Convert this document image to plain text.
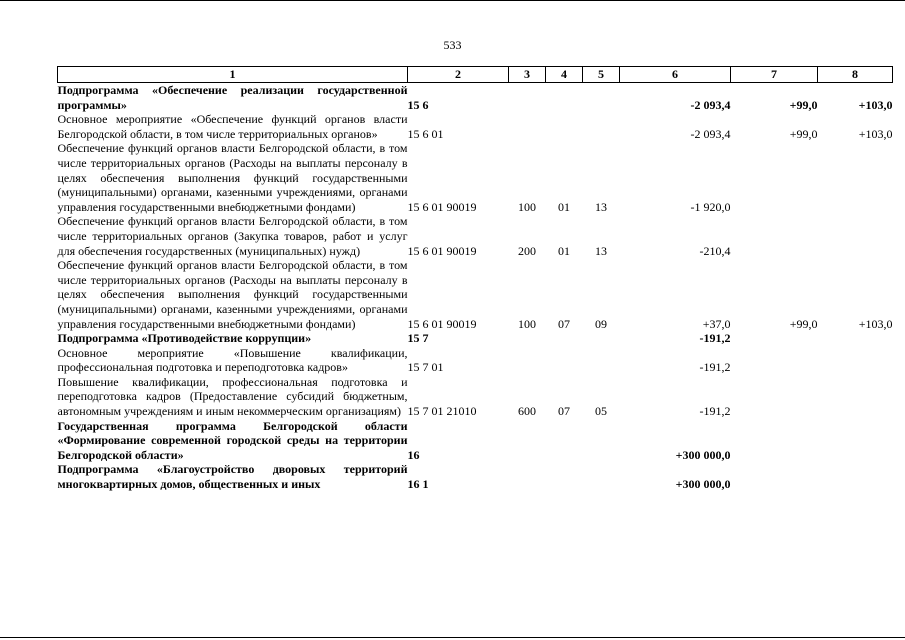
533
1	2	3	4	5	6	7	8
Подпрограмма «Обеспечение реализации государственной программы»	15 6				-2 093,4	+99,0	+103,0
Основное мероприятие «Обеспечение функций органов власти Белгородской области, в том числе территориальных органов»	15 6 01				-2 093,4	+99,0	+103,0
Обеспечение функций органов власти Белгородской области, в том числе территориальных органов (Расходы на выплаты персоналу в целях обеспечения выполнения функций государственными (муниципальными) органами, казенными учреждениями, органами управления государственными внебюджетными фондами)	15 6 01 90019	100	01	13	-1 920,0		
Обеспечение функций органов власти Белгородской области, в том числе территориальных органов (Закупка товаров, работ и услуг для обеспечения государственных (муниципальных) нужд)	15 6 01 90019	200	01	13	-210,4		
Обеспечение функций органов власти Белгородской области, в том числе территориальных органов (Расходы на выплаты персоналу в целях обеспечения выполнения функций государственными (муниципальными) органами, казенными учреждениями, органами управления государственными внебюджетными фондами)	15 6 01 90019	100	07	09	+37,0	+99,0	+103,0
Подпрограмма «Противодействие коррупции»	15 7				-191,2		
Основное мероприятие «Повышение квалификации, профессиональная подготовка и переподготовка кадров»	15 7 01				-191,2		
Повышение квалификации, профессиональная подготовка и переподготовка кадров (Предоставление субсидий бюджетным, автономным учреждениям и иным некоммерческим организациям)	15 7 01 21010	600	07	05	-191,2		
Государственная программа Белгородской области «Формирование современной городской среды на территории Белгородской области»	16				+300 000,0		
Подпрограмма «Благоустройство дворовых территорий многоквартирных домов, общественных и иных	16 1				+300 000,0		
